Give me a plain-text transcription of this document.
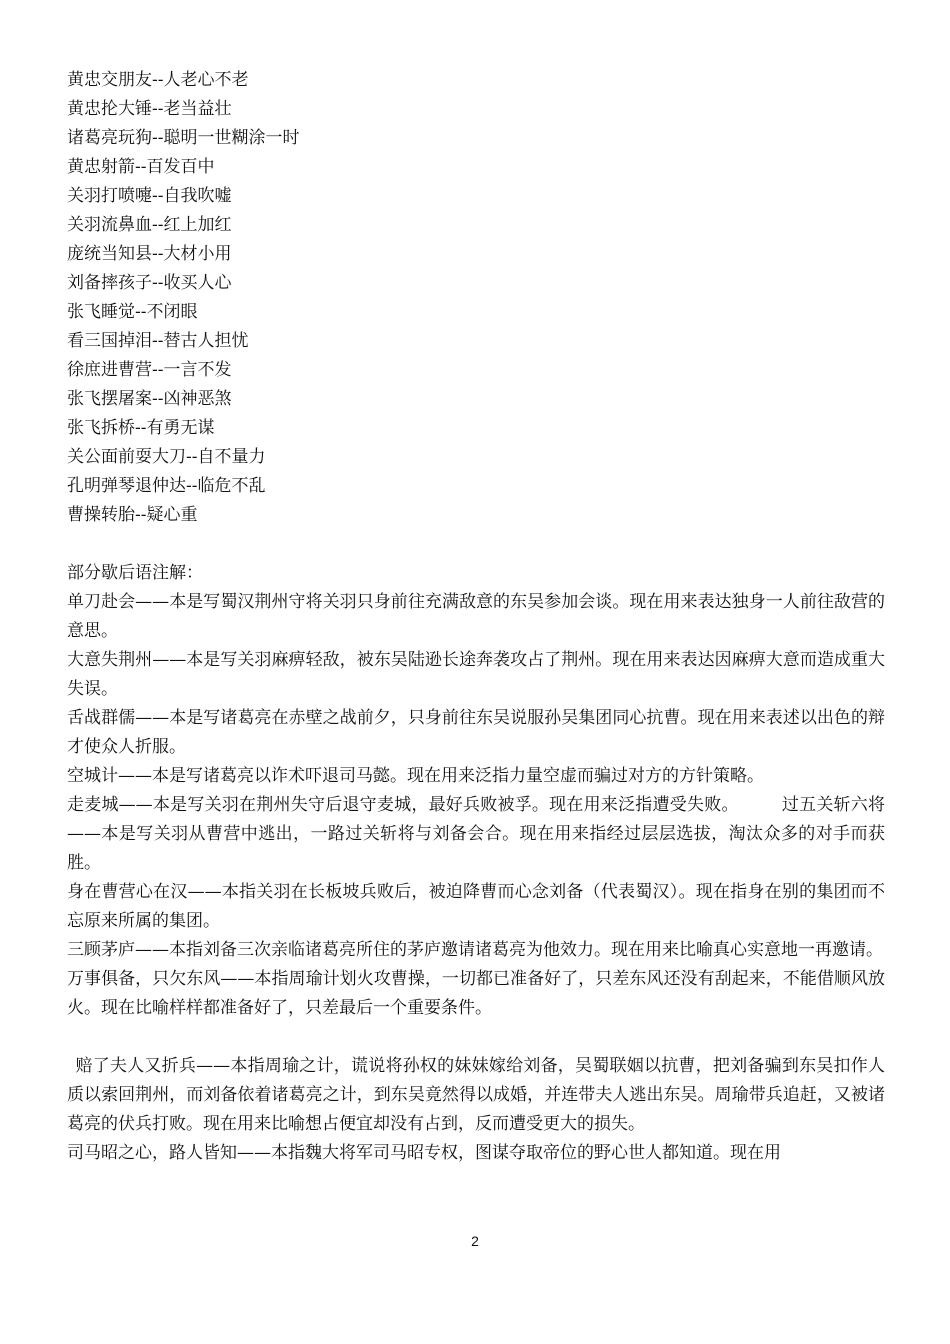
黄忠交朋友--人老心不老
黄忠抡大锤--老当益壮
诸葛亮玩狗--聪明一世糊涂一时
黄忠射箭--百发百中
关羽打喷嚏--自我吹嘘
关羽流鼻血--红上加红
庞统当知县--大材小用
刘备摔孩子--收买人心
张飞睡觉--不闭眼
看三国掉泪--替古人担忧
徐庶进曹营--一言不发
张飞摆屠案--凶神恶煞
张飞拆桥--有勇无谋
关公面前耍大刀--自不量力
孔明弹琴退仲达--临危不乱
曹操转胎--疑心重
部分歇后语注解：
单刀赴会——本是写蜀汉荆州守将关羽只身前往充满敌意的东吴参加会谈。现在用来表达独身一人前往敌营的意思。
大意失荆州——本是写关羽麻痹轻敌，被东吴陆逊长途奔袭攻占了荆州。现在用来表达因麻痹大意而造成重大失误。
舌战群儒——本是写诸葛亮在赤壁之战前夕，只身前往东吴说服孙吴集团同心抗曹。现在用来表述以出色的辩才使众人折服。
空城计——本是写诸葛亮以诈术吓退司马懿。现在用来泛指力量空虚而骗过对方的方针策略。
走麦城——本是写关羽在荆州失守后退守麦城，最好兵败被孚。现在用来泛指遭受失败。　　　过五关斩六将——本是写关羽从曹营中逃出，一路过关斩将与刘备会合。现在用来指经过层层选拔，淘汰众多的对手而获胜。
身在曹营心在汉——本指关羽在长板坡兵败后，被迫降曹而心念刘备（代表蜀汉）。现在指身在别的集团而不忘原来所属的集团。
三顾茅庐——本指刘备三次亲临诸葛亮所住的茅庐邀请诸葛亮为他效力。现在用来比喻真心实意地一再邀请。
万事俱备，只欠东风——本指周瑜计划火攻曹操，一切都已准备好了，只差东风还没有刮起来，不能借顺风放火。现在比喻样样都准备好了，只差最后一个重要条件。
赔了夫人又折兵——本指周瑜之计，谎说将孙权的妹妹嫁给刘备，吴蜀联姻以抗曹，把刘备骗到东吴扣作人质以索回荆州，而刘备依着诸葛亮之计，到东吴竟然得以成婚，并连带夫人逃出东吴。周瑜带兵追赶，又被诸葛亮的伏兵打败。现在用来比喻想占便宜却没有占到，反而遭受更大的损失。
司马昭之心，路人皆知——本指魏大将军司马昭专权，图谋夺取帝位的野心世人都知道。现在用
2
